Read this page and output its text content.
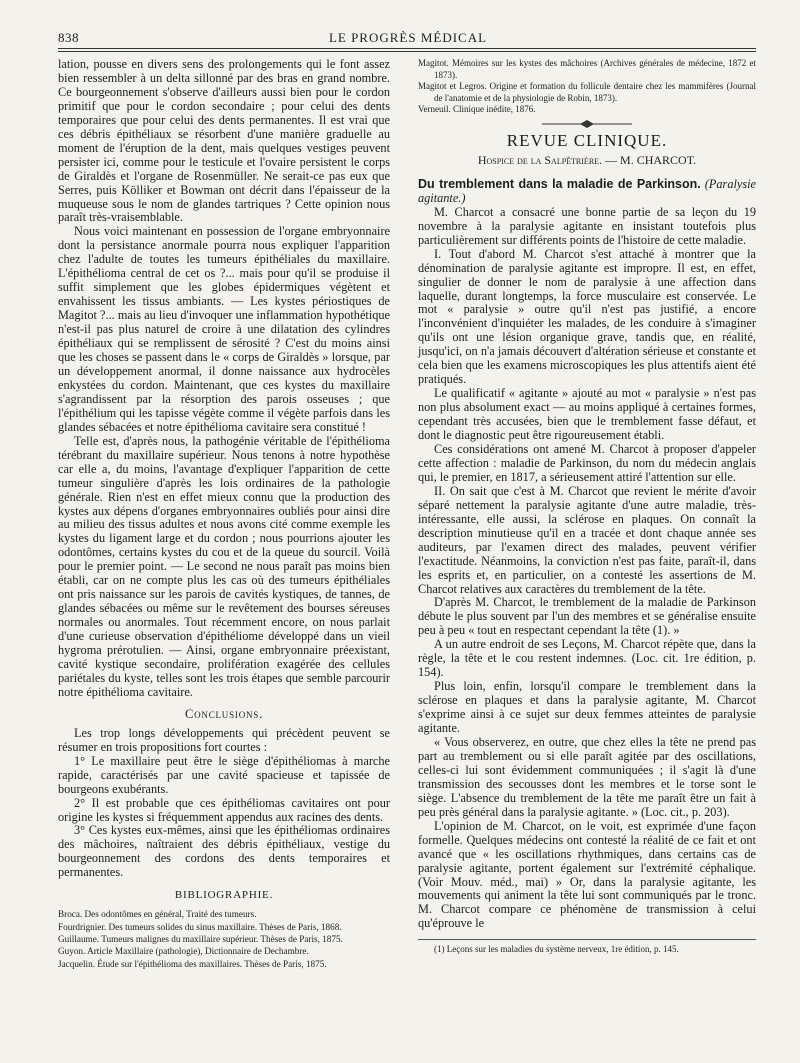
838	LE PROGRÈS MÉDICAL

lation, pousse en divers sens des prolongements qui le font assez bien ressembler à un delta sillonné par des bras en grand nombre. Ce bourgeonnement s'observe d'ailleurs aussi bien pour le cordon primitif que pour le cordon secondaire ; pour celui des dents temporaires que pour celui des dents permanentes. Il est vrai que ces débris épithéliaux se résorbent d'une manière graduelle au moment de l'éruption de la dent, mais quelques vestiges peuvent persister ici, comme pour le testicule et l'ovaire persistent le corps de Giraldès et l'organe de Rosenmüller. Ne serait-ce pas eux que Serres, puis Kölliker et Bowman ont décrit dans l'épaisseur de la muqueuse sous le nom de glandes tartriques ? Cette opinion nous paraît très-vraisemblable.

Nous voici maintenant en possession de l'organe embryonnaire dont la persistance anormale pourra nous expliquer l'apparition chez l'adulte de toutes les tumeurs épithéliales du maxillaire. L'épithélioma central de cet os ?... mais pour qu'il se produise il suffit simplement que les globes épidermiques végètent et envahissent les tissus ambiants. — Les kystes périostiques de Magitot ?... mais au lieu d'invoquer une inflammation hypothétique n'est-il pas plus naturel de croire à une dilatation des cylindres épithéliaux qui se remplissent de sérosité ? C'est du moins ainsi que les choses se passent dans le « corps de Giraldès » lorsque, par un développement anormal, il donne naissance aux hydrocèles enkystées du cordon. Maintenant, que ces kystes du maxillaire s'agrandissent par la résorption des parois osseuses ; que l'épithélium qui les tapisse végète comme il végète parfois dans les glandes sébacées et notre épithélioma cavitaire sera constitué !

Telle est, d'après nous, la pathogénie véritable de l'épithélioma térébrant du maxillaire supérieur. Nous tenons à notre hypothèse car elle a, du moins, l'avantage d'expliquer l'apparition de cette tumeur singulière d'après les lois ordinaires de la pathologie générale. Rien n'est en effet mieux connu que la production des kystes aux dépens d'organes embryonnaires oubliés pour ainsi dire au milieu des tissus adultes et nous avons cité comme exemple les kystes du ligament large et du cordon ; nous pourrions ajouter les odontômes, certains kystes du cou et de la queue du sourcil. Voilà pour le premier point. — Le second ne nous paraît pas moins bien établi, car on ne compte plus les cas où des tumeurs épithéliales ont pris naissance sur les parois de cavités kystiques, de tannes, de glandes sébacées ou même sur le revêtement des bourses séreuses normales ou anormales. Tout récemment encore, on nous parlait d'une curieuse observation d'épithéliome développé dans un vieil hygroma prérotulien. — Ainsi, organe embryonnaire préexistant, cavité kystique secondaire, prolifération exagérée des cellules pariétales du kyste, telles sont les trois étapes que semble parcourir notre épithélioma cavitaire.

Conclusions.

Les trop longs développements qui précèdent peuvent se résumer en trois propositions fort courtes :

1° Le maxillaire peut être le siège d'épithéliomas à marche rapide, caractérisés par une cavité spacieuse et tapissée de bourgeons exubérants.

2° Il est probable que ces épithéliomas cavitaires ont pour origine les kystes si fréquemment appendus aux racines des dents.

3° Ces kystes eux-mêmes, ainsi que les épithéliomas ordinaires des mâchoires, naîtraient des débris épithéliaux, vestige du bourgeonnement des cordons des dents temporaires et permanentes.

BIBLIOGRAPHIE.

Broca. Des odontômes en général, Traité des tumeurs.

Fourdrignier. Des tumeurs solides du sinus maxillaire. Thèses de Paris, 1868.

Guillaume. Tumeurs malignes du maxillaire supérieur. Thèses de Paris, 1875.

Guyon. Article Maxillaire (pathologie), Dictionnaire de Dechambre.

Jacquelin. Étude sur l'épithélioma des maxillaires. Thèses de Paris, 1875.

Magitot. Mémoires sur les kystes des mâchoires (Archives générales de médecine, 1872 et 1873).

Magitot et Legros. Origine et formation du follicule dentaire chez les mammifères (Journal de l'anatomie et de la physiologie de Robin, 1873).

Verneuil. Clinique inédite, 1876.

REVUE CLINIQUE.
Hospice de la Salpêtrière. — M. CHARCOT.

Du tremblement dans la maladie de Parkinson. (Paralysie agitante.)

M. Charcot a consacré une bonne partie de sa leçon du 19 novembre à la paralysie agitante en insistant toutefois plus particulièrement sur différents points de l'histoire de cette maladie.

I. Tout d'abord M. Charcot s'est attaché à montrer que la dénomination de paralysie agitante est impropre. Il est, en effet, singulier de donner le nom de paralysie à une affection dans laquelle, durant longtemps, la force musculaire est conservée. Le mot « paralysie » outre qu'il n'est pas justifié, a encore l'inconvénient d'inquiéter les malades, de les conduire à s'imaginer qu'ils ont une lésion organique grave, tandis que, en réalité, jusqu'ici, on n'a jamais découvert d'altération sérieuse et constante et cela bien que les examens microscopiques les plus attentifs aient été pratiqués.

Le qualificatif « agitante » ajouté au mot « paralysie » n'est pas non plus absolument exact — au moins appliqué à certaines formes, cependant très accusées, bien que le tremblement fasse défaut, et dont le diagnostic peut être rigoureusement établi.

Ces considérations ont amené M. Charcot à proposer d'appeler cette affection : maladie de Parkinson, du nom du médecin anglais qui, le premier, en 1817, a sérieusement attiré l'attention sur elle.

II. On sait que c'est à M. Charcot que revient le mérite d'avoir séparé nettement la paralysie agitante d'une autre maladie, très-intéressante, elle aussi, la sclérose en plaques. On connaît la description minutieuse qu'il en a tracée et dont chaque année ses auditeurs, par l'examen direct des malades, peuvent vérifier l'exactitude. Néanmoins, la conviction n'est pas faite, paraît-il, dans les esprits et, en particulier, on a contesté les assertions de M. Charcot relatives aux caractères du tremblement de la tête.

D'après M. Charcot, le tremblement de la maladie de Parkinson débute le plus souvent par l'un des membres et se généralise ensuite peu à peu « tout en respectant cependant la tête (1). »

A un autre endroit de ses Leçons, M. Charcot répète que, dans la règle, la tête et le cou restent indemnes. (Loc. cit. 1re édition, p. 154).

Plus loin, enfin, lorsqu'il compare le tremblement dans la sclérose en plaques et dans la paralysie agitante, M. Charcot s'exprime ainsi à ce sujet sur deux femmes atteintes de paralysie agitante.

« Vous observerez, en outre, que chez elles la tête ne prend pas part au tremblement ou si elle paraît agitée par des oscillations, celles-ci lui sont évidemment communiquées ; il s'agit là d'une transmission des secousses dont les membres et le torse sont le siège. L'absence du tremblement de la tête me paraît être un fait à peu près général dans la paralysie agitante. » (Loc. cit., p. 203).

L'opinion de M. Charcot, on le voit, est exprimée d'une façon formelle. Quelques médecins ont contesté la réalité de ce fait et ont avancé que « les oscillations rhythmiques, dans certains cas de paralysie agitante, portent également sur l'extrémité céphalique. (Voir Mouv. méd., mai) » Or, dans la paralysie agitante, les mouvements qui animent la tête lui sont communiqués par le tronc. M. Charcot compare ce phénomène de transmission à celui qu'éprouve le

(1) Leçons sur les maladies du système nerveux, 1re édition, p. 145.
